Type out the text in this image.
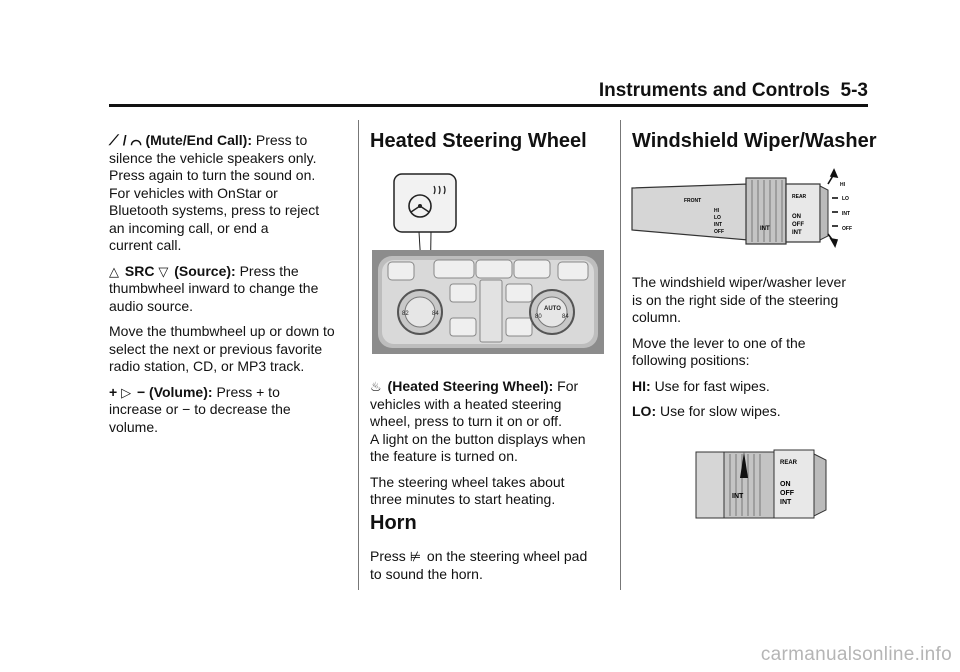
Instruments and Controls 5-3

⟋ / ⌒ (Mute/End Call): Press to
silence the vehicle speakers only.
Press again to turn the sound on.
For vehicles with OnStar or
Bluetooth systems, press to reject
an incoming call, or end a
current call.

△ SRC ▽ (Source): Press the
thumbwheel inward to change the
audio source.

Move the thumbwheel up or down to
select the next or previous favorite
radio station, CD, or MP3 track.

+ ▷ − (Volume): Press + to
increase or − to decrease the
volume.

Heated Steering Wheel
84
82
AUTO
80	84

♨ (Heated Steering Wheel): For
vehicles with a heated steering
wheel, press to turn it on or off.
A light on the button displays when
the feature is turned on.

The steering wheel takes about
three minutes to start heating.

Horn
Press ⊭ on the steering wheel pad
to sound the horn.
Windshield Wiper/Washer
FRONT
HI
LO
INT
OFF	INT
REAR
ON
OFF
INT
HI
LO
INT
OFF

The windshield wiper/washer lever
is on the right side of the steering
column.

Move the lever to one of the
following positions:

HI: Use for fast wipes.

LO: Use for slow wipes.

INT
REAR
ON
OFF
INT
carmanualsonline.info
